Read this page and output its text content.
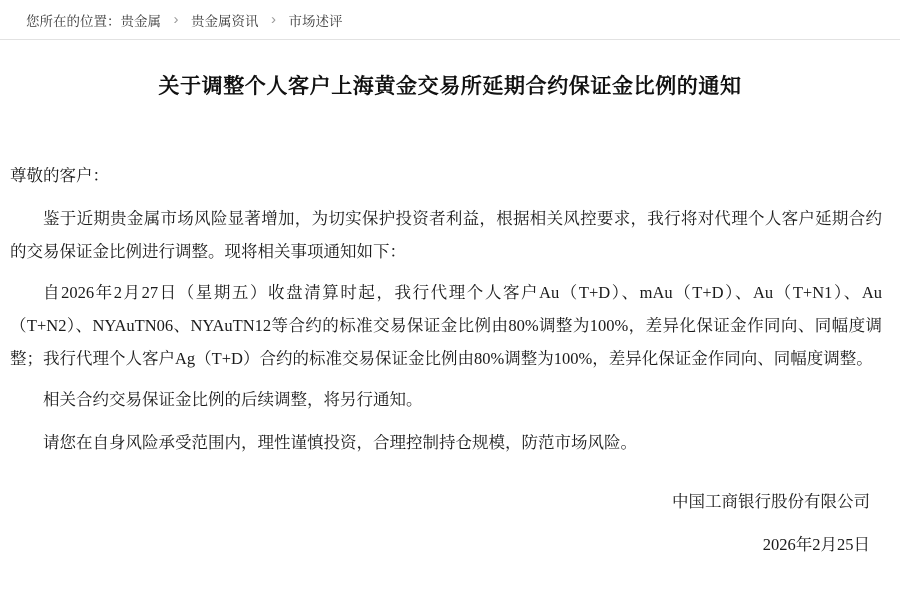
您所在的位置： 贵金属 › 贵金属资讯 › 市场述评
关于调整个人客户上海黄金交易所延期合约保证金比例的通知

尊敬的客户：

鉴于近期贵金属市场风险显著增加，为切实保护投资者利益，根据相关风控要求，我行将对代理个人客户延期合约的交易保证金比例进行调整。现将相关事项通知如下：

自2026年2月27日（星期五）收盘清算时起，我行代理个人客户Au（T+D）、mAu（T+D）、Au（T+N1）、Au（T+N2）、NYAuTN06、NYAuTN12等合约的标准交易保证金比例由80%调整为100%，差异化保证金作同向、同幅度调整；我行代理个人客户Ag（T+D）合约的标准交易保证金比例由80%调整为100%，差异化保证金作同向、同幅度调整。

相关合约交易保证金比例的后续调整，将另行通知。

请您在自身风险承受范围内，理性谨慎投资，合理控制持仓规模，防范市场风险。

中国工商银行股份有限公司
2026年2月25日
